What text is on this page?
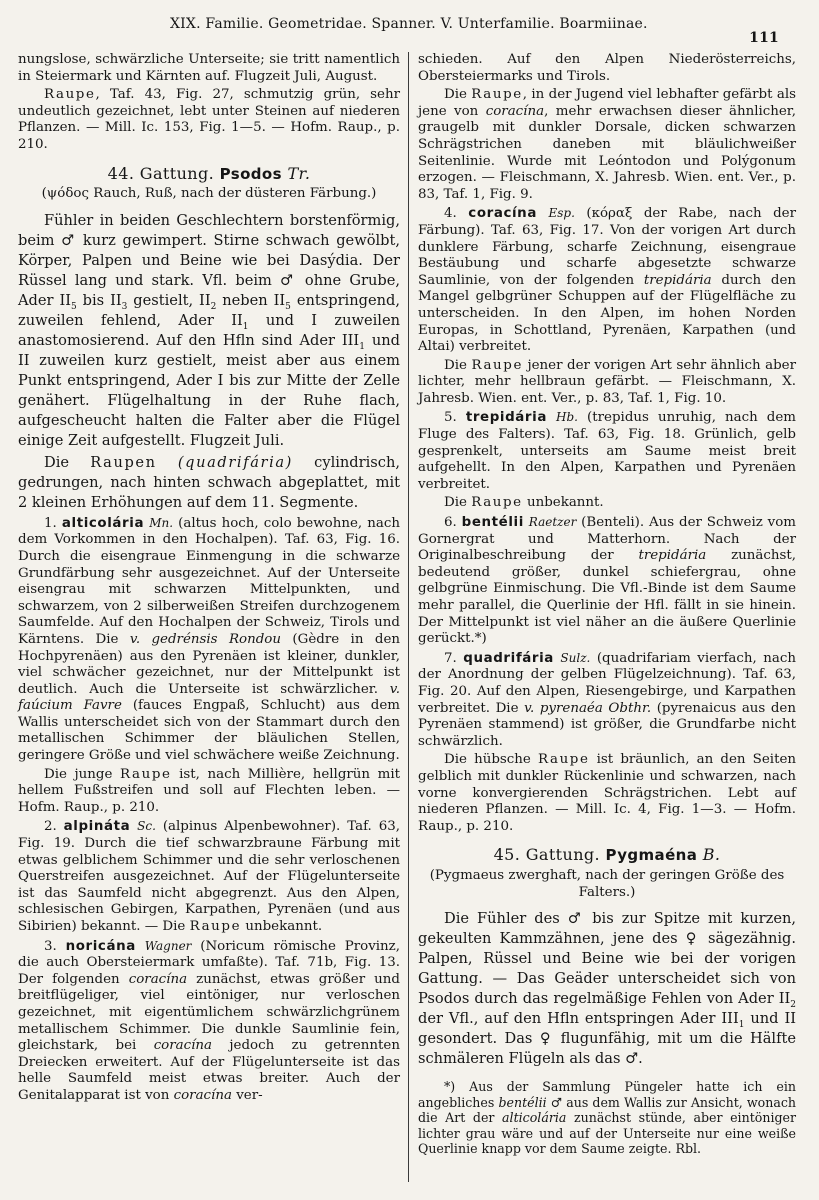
XIX. Familie. Geometridae. Spanner. V. Unterfamilie. Boarmiinae.
111

nungslose, schwärzliche Unterseite; sie tritt namentlich in Steiermark und Kärnten auf. Flugzeit Juli, August.

Raupe, Taf. 43, Fig. 27, schmutzig grün, sehr undeutlich gezeichnet, lebt unter Steinen auf niederen Pflanzen. — Mill. Ic. 153, Fig. 1—5. — Hofm. Raup., p. 210.

44. Gattung. Psodos Tr.

(ψόδος Rauch, Ruß, nach der düsteren Färbung.)

Fühler in beiden Geschlechtern borstenförmig, beim ♂ kurz gewimpert. Stirne schwach gewölbt, Körper, Palpen und Beine wie bei Dasýdia. Der Rüssel lang und stark. Vfl. beim ♂ ohne Grube, Ader $II_5$ bis $II_3$ gestielt, $II_2$ neben $II_5$ entspringend, zuweilen fehlend, Ader $II_1$ und I zuweilen anastomosierend. Auf den Hfln sind Ader $III_1$ und II zuweilen kurz gestielt, meist aber aus einem Punkt entspringend, Ader I bis zur Mitte der Zelle genähert. Flügelhaltung in der Ruhe flach, aufgescheucht halten die Falter aber die Flügel einige Zeit aufgestellt. Flugzeit Juli.

Die Raupen (quadrifária) cylindrisch, gedrungen, nach hinten schwach abgeplattet, mit 2 kleinen Erhöhungen auf dem 11. Segmente.

1. alticolária Mn. (altus hoch, colo bewohne, nach dem Vorkommen in den Hochalpen). Taf. 63, Fig. 16. Durch die eisengraue Einmengung in die schwarze Grundfärbung sehr ausgezeichnet. Auf der Unterseite eisengrau mit schwarzen Mittelpunkten, und schwarzem, von 2 silberweißen Streifen durchzogenem Saumfelde. Auf den Hochalpen der Schweiz, Tirols und Kärntens. Die v. gedrénsis Rondou (Gèdre in den Hochpyrenäen) aus den Pyrenäen ist kleiner, dunkler, viel schwächer gezeichnet, nur der Mittelpunkt ist deutlich. Auch die Unterseite ist schwärzlicher. v. faúcium Favre (fauces Engpaß, Schlucht) aus dem Wallis unterscheidet sich von der Stammart durch den metallischen Schimmer der bläulichen Stellen, geringere Größe und viel schwächere weiße Zeichnung.

Die junge Raupe ist, nach Millière, hellgrün mit hellem Fußstreifen und soll auf Flechten leben. — Hofm. Raup., p. 210.

2. alpináta Sc. (alpinus Alpenbewohner). Taf. 63, Fig. 19. Durch die tief schwarzbraune Färbung mit etwas gelblichem Schimmer und die sehr verloschenen Querstreifen ausgezeichnet. Auf der Flügelunterseite ist das Saumfeld nicht abgegrenzt. Aus den Alpen, schlesischen Gebirgen, Karpathen, Pyrenäen (und aus Sibirien) bekannt. — Die Raupe unbekannt.

3. noricána Wagner (Noricum römische Provinz, die auch Obersteiermark umfaßte). Taf. 71b, Fig. 13. Der folgenden coracína zunächst, etwas größer und breitflügeliger, viel eintöniger, nur verloschen gezeichnet, mit eigentümlichem schwärzlichgrünem metallischem Schimmer. Die dunkle Saumlinie fein, gleichstark, bei coracína jedoch zu getrennten Dreiecken erweitert. Auf der Flügelunterseite ist das helle Saumfeld meist etwas breiter. Auch der Genitalapparat ist von coracína ver-

schieden. Auf den Alpen Niederösterreichs, Obersteiermarks und Tirols.

Die Raupe, in der Jugend viel lebhafter gefärbt als jene von coracína, mehr erwachsen dieser ähnlicher, graugelb mit dunkler Dorsale, dicken schwarzen Schrägstrichen daneben mit bläulichweißer Seitenlinie. Wurde mit Leóntodon und Polýgonum erzogen. — Fleischmann, X. Jahresb. Wien. ent. Ver., p. 83, Taf. 1, Fig. 9.

4. coracína Esp. (κόραξ der Rabe, nach der Färbung). Taf. 63, Fig. 17. Von der vorigen Art durch dunklere Färbung, scharfe Zeichnung, eisengraue Bestäubung und scharfe abgesetzte schwarze Saumlinie, von der folgenden trepidária durch den Mangel gelbgrüner Schuppen auf der Flügelfläche zu unterscheiden. In den Alpen, im hohen Norden Europas, in Schottland, Pyrenäen, Karpathen (und Altai) verbreitet.

Die Raupe jener der vorigen Art sehr ähnlich aber lichter, mehr hellbraun gefärbt. — Fleischmann, X. Jahresb. Wien. ent. Ver., p. 83, Taf. 1, Fig. 10.

5. trepidária Hb. (trepidus unruhig, nach dem Fluge des Falters). Taf. 63, Fig. 18. Grünlich, gelb gesprenkelt, unterseits am Saume meist breit aufgehellt. In den Alpen, Karpathen und Pyrenäen verbreitet.

Die Raupe unbekannt.

6. bentélii Raetzer (Benteli). Aus der Schweiz vom Gornergrat und Matterhorn. Nach der Originalbeschreibung der trepidária zunächst, bedeutend größer, dunkel schiefergrau, ohne gelbgrüne Einmischung. Die Vfl.-Binde ist dem Saume mehr parallel, die Querlinie der Hfl. fällt in sie hinein. Der Mittelpunkt ist viel näher an die äußere Querlinie gerückt.*)

7. quadrifária Sulz. (quadrifariam vierfach, nach der Anordnung der gelben Flügelzeichnung). Taf. 63, Fig. 20. Auf den Alpen, Riesengebirge, und Karpathen verbreitet. Die v. pyrenaéa Obthr. (pyrenaicus aus den Pyrenäen stammend) ist größer, die Grundfarbe nicht schwärzlich.

Die hübsche Raupe ist bräunlich, an den Seiten gelblich mit dunkler Rückenlinie und schwarzen, nach vorne konvergierenden Schrägstrichen. Lebt auf niederen Pflanzen. — Mill. Ic. 4, Fig. 1—3. — Hofm. Raup., p. 210.

45. Gattung. Pygmaéna B.

(Pygmaeus zwerghaft, nach der geringen Größe des Falters.)

Die Fühler des ♂ bis zur Spitze mit kurzen, gekeulten Kammzähnen, jene des ♀ sägezähnig. Palpen, Rüssel und Beine wie bei der vorigen Gattung. — Das Geäder unterscheidet sich von Psodos durch das regelmäßige Fehlen von Ader $II_2$ der Vfl., auf den Hfln entspringen Ader $III_1$ und II gesondert. Das ♀ flugunfähig, mit um die Hälfte schmäleren Flügeln als das ♂.

*) Aus der Sammlung Püngeler hatte ich ein angebliches bentélii ♂ aus dem Wallis zur Ansicht, wonach die Art der alticolária zunächst stünde, aber eintöniger lichter grau wäre und auf der Unterseite nur eine weiße Querlinie knapp vor dem Saume zeigte. Rbl.
